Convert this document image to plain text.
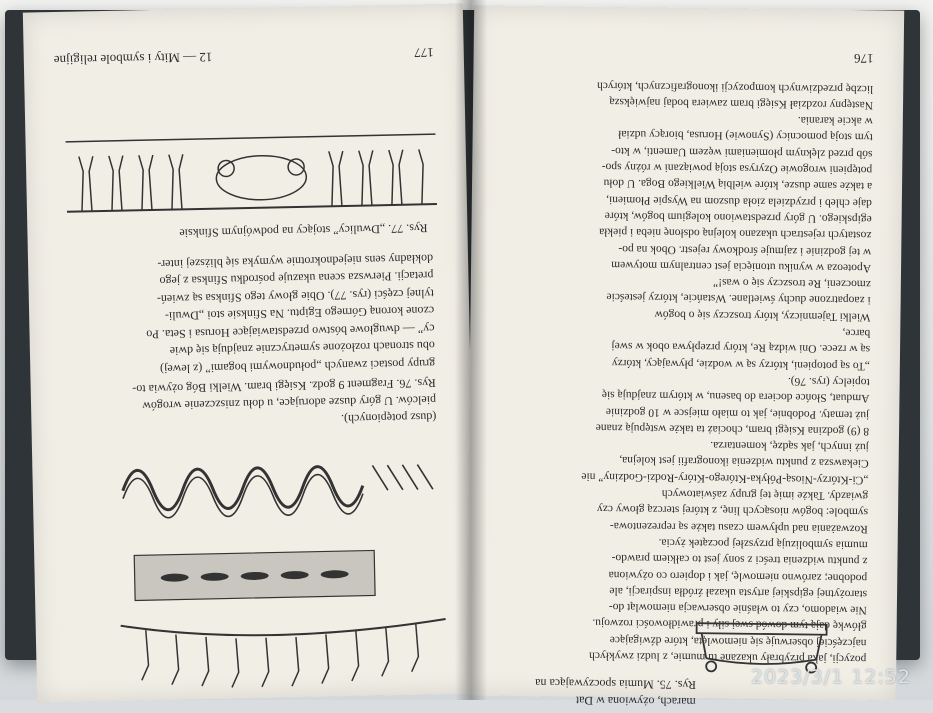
177
12 — Mity i symbole religijne
Rys. 77. „Dwulicy” stojący na podwójnym Sfinksie
grupy postaci zwanych „połudnowymi bogami” (z lewej)
obu stronach rozłożone symetrycznie znajdują się dwie
cy” — dwugłowe bóstwo przedstawiające Horusa i Seta. Po
czone koroną Górnego Egiptu. Na Sfinksie stoi „Dwuli-
tylnej części (rys. 77). Obie głowy tego Sfinksa są zwień-
pretacji. Pierwsza scena ukazuje pośrodku Sfinksa z jego
dokładny sens niejednokrotnie wymyka się bliższej inter-
(dusz potępionych).
pielców. U góry dusze adorujące, u dołu zniszczenie wrogów
Rys. 76. Fragment 9 godz. Księgi bram. Wielki Bóg ożywia to-
176
pozycji, jaka przybrały ukazane tu mumie, z ludzi zwykłych
najczęściej obserwuję się niemowlęta, które dźwigające
główkę dają tym dowód swej siły i prawidłowości rozwoju.
Nie wiadomo, czy to właśnie obserwacja niemowląt do-
starożytnej egipskiej artysta ukazał źródła inspiracji, ale
podobne; zarówno niemowlę, jak i dopiero co ożywiona
z punktu widzenia treści z sony jest to całkiem prawdo-
mumia symbolizują przyszłej początek życia.
Rozważania nad upływem czasu także są reprezentowa-
symbole: bogów niosących linę, z której sterczą głowy czy
gwiazdy. Także imię tej grupy zaświatowych
„Ci-Którzy-Niosą-Półyka-Którego-Który-Rodzi-Godziny” nie
Ciekawsza z punktu widzenia ikonografii jest kolejna,
już innych, jak sądzę, komentarza.
8 (9) godzina Księgi bram, chociaż ta także wstępują znane
już tematy. Podobnie, jak to miało miejsce w 10 godzinie
Amduat, Słońce dociera do basenu, w którym znajdują się
topielcy (rys. 76).
„To są potopieni, którzy są w wodzie, pływający, którzy
są w rzece. Oni widzą Re, który przepływa obok w swej
barce,
Wielki Tajemniczy, który troszczy się o bogów
i zaopatrzone duchy świetlane. Wstańcie, którzy jesteście
zmoczeni, Re troszczy się o was!”
Apoteoza w wyniku utonięcia jest centralnym motywem
w tej godzinie i zajmuje środkowy rejestr. Obok na po-
zostatych rejestrach ukazano kolejną odsłonę nieba i piekła
egipskiego. U góry przedstawiono kolegium bogów, które
daje chleb i przydziela zioła duszom na Wyspie Płomieni,
a także same dusze, które wielbią Wielkiego Boga. U dołu
potępieni wrogowie Ozyrysa stoją powiązani w różny spo-
sób przed zlęknym płomieniami węzem Uamenti, w kto-
tym stoją pomocnicy (Synowie) Horusa, biorący udział
w akcie karania.
Następny rozdział Księgi bram zawiera bodaj największą
liczbę przedziwnych kompozycji ikonograficznych, których
marach, ożywiona w Dat
Rys. 75. Mumia spoczywająca na	2023/3/1 12:52
